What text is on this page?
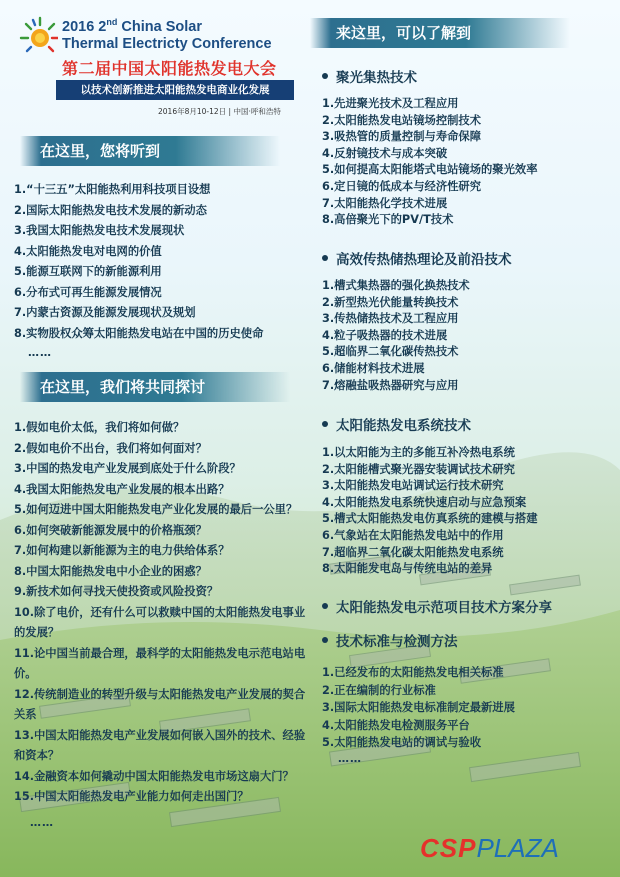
2016 2nd China Solar
Thermal Electricty Conference
第二届中国太阳能热发电大会
以技术创新推进太阳能热发电商业化发展
2016年8月10-12日 | 中国·呼和浩特
在这里，您将听到
1.“十三五”太阳能热利用科技项目设想
2.国际太阳能热发电技术发展的新动态
3.我国太阳能热发电技术发展现状
4.太阳能热发电对电网的价值
5.能源互联网下的新能源利用
6.分布式可再生能源发展情况
7.内蒙古资源及能源发展现状及规划
8.实物股权众筹太阳能热发电站在中国的历史使命
……
在这里，我们将共同探讨
1.假如电价太低，我们将如何做？
2.假如电价不出台，我们将如何面对？
3.中国的热发电产业发展到底处于什么阶段？
4.我国太阳能热发电产业发展的根本出路？
5.如何迈进中国太阳能热发电产业化发展的最后一公里？
6.如何突破新能源发展中的价格瓶颈？
7.如何构建以新能源为主的电力供给体系？
8.中国太阳能热发电中小企业的困惑？
9.新技术如何寻找天使投资或风险投资？
10.除了电价，还有什么可以救赎中国的太阳能热发电事业的发展？
11.论中国当前最合理，最科学的太阳能热发电示范电站电价。
12.传统制造业的转型升级与太阳能热发电产业发展的契合关系
13.中国太阳能热发电产业发展如何嵌入国外的技术、经验和资本？
14.金融资本如何撬动中国太阳能热发电市场这扇大门？
15.中国太阳能热发电产业能力如何走出国门？
……
来这里，可以了解到
聚光集热技术
1.先进聚光技术及工程应用
2.太阳能热发电站镜场控制技术
3.吸热管的质量控制与寿命保障
4.反射镜技术与成本突破
5.如何提高太阳能塔式电站镜场的聚光效率
6.定日镜的低成本与经济性研究
7.太阳能热化学技术进展
8.高倍聚光下的PV/T技术
高效传热储热理论及前沿技术
1.槽式集热器的强化换热技术
2.新型热光伏能量转换技术
3.传热储热技术及工程应用
4.粒子吸热器的技术进展
5.超临界二氧化碳传热技术
6.储能材料技术进展
7.熔融盐吸热器研究与应用
太阳能热发电系统技术
1.以太阳能为主的多能互补冷热电系统
2.太阳能槽式聚光器安装调试技术研究
3.太阳能热发电站调试运行技术研究
4.太阳能热发电系统快速启动与应急预案
5.槽式太阳能热发电仿真系统的建模与搭建
6.气象站在太阳能热发电站中的作用
7.超临界二氧化碳太阳能热发电系统
8.太阳能发电岛与传统电站的差异
太阳能热发电示范项目技术方案分享
技术标准与检测方法
1.已经发布的太阳能热发电相关标准
2.正在编制的行业标准
3.国际太阳能热发电标准制定最新进展
4.太阳能热发电检测服务平台
5.太阳能热发电站的调试与验收
……
CSPPLAZA
